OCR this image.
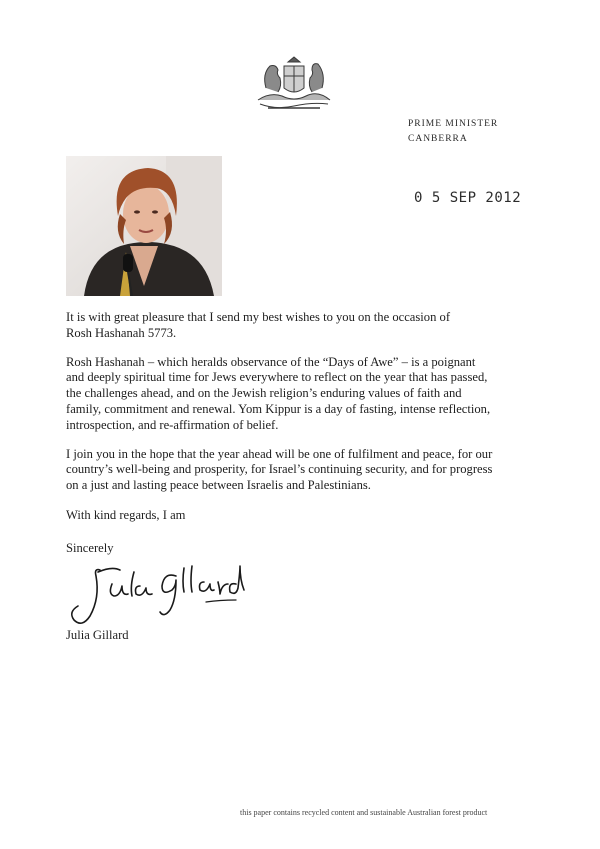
PRIME MINISTER
CANBERRA
0 5 SEP 2012

It is with great pleasure that I send my best wishes to you on the occasion of
Rosh Hashanah 5773.

Rosh Hashanah – which heralds observance of the “Days of Awe” – is a poignant
and deeply spiritual time for Jews everywhere to reflect on the year that has passed,
the challenges ahead, and on the Jewish religion’s enduring values of faith and
family, commitment and renewal. Yom Kippur is a day of fasting, intense reflection,
introspection, and re-affirmation of belief.

I join you in the hope that the year ahead will be one of fulfilment and peace, for our
country’s well-being and prosperity, for Israel’s continuing security, and for progress
on a just and lasting peace between Israelis and Palestinians.

With kind regards, I am
Sincerely
Julia Gillard
this paper contains recycled content and sustainable Australian forest product
